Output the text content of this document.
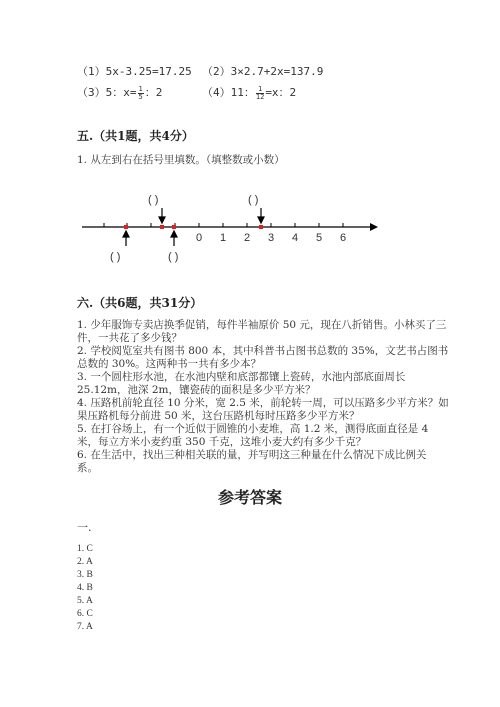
（1）5x-3.25=17.25 （2）3×2.7+2x=137.9
（3）5：$x= \frac{1}{5}$ ：2	（4）11： $\frac{1}{12} =x$：2
五.（共1题，共4分）
1. 从左到右在括号里填数。（填整数或小数）
( )	( )
( )	( )
0 1 2 3 4 5 6
六.（共6题，共31分）
1. 少年服饰专卖店换季促销，每件半袖原价 50 元，现在八折销售。小林买了三
件，一共花了多少钱？
2. 学校阅览室共有图书 800 本，其中科普书占图书总数的 35%，文艺书占图书
总数的 30%。这两种书一共有多少本？
3. 一个圆柱形水池，在水池内壁和底部都镶上瓷砖，水池内部底面周长
25.12m，池深 2m，镶瓷砖的面积是多少平方米？
4. 压路机前轮直径 10 分米，宽 2.5 米，前轮转一周，可以压路多少平方米？如
果压路机每分前进 50 米，这台压路机每时压路多少平方米？
5. 在打谷场上，有一个近似于圆锥的小麦堆，高 1.2 米，测得底面直径是 4
米，每立方米小麦约重 350 千克，这堆小麦大约有多少千克？
6. 在生活中，找出三种相关联的量，并写明这三种量在什么情况下成比例关
系。
参考答案
一.
1. C
2. A
3. B
4. B
5. A
6. C
7. A
